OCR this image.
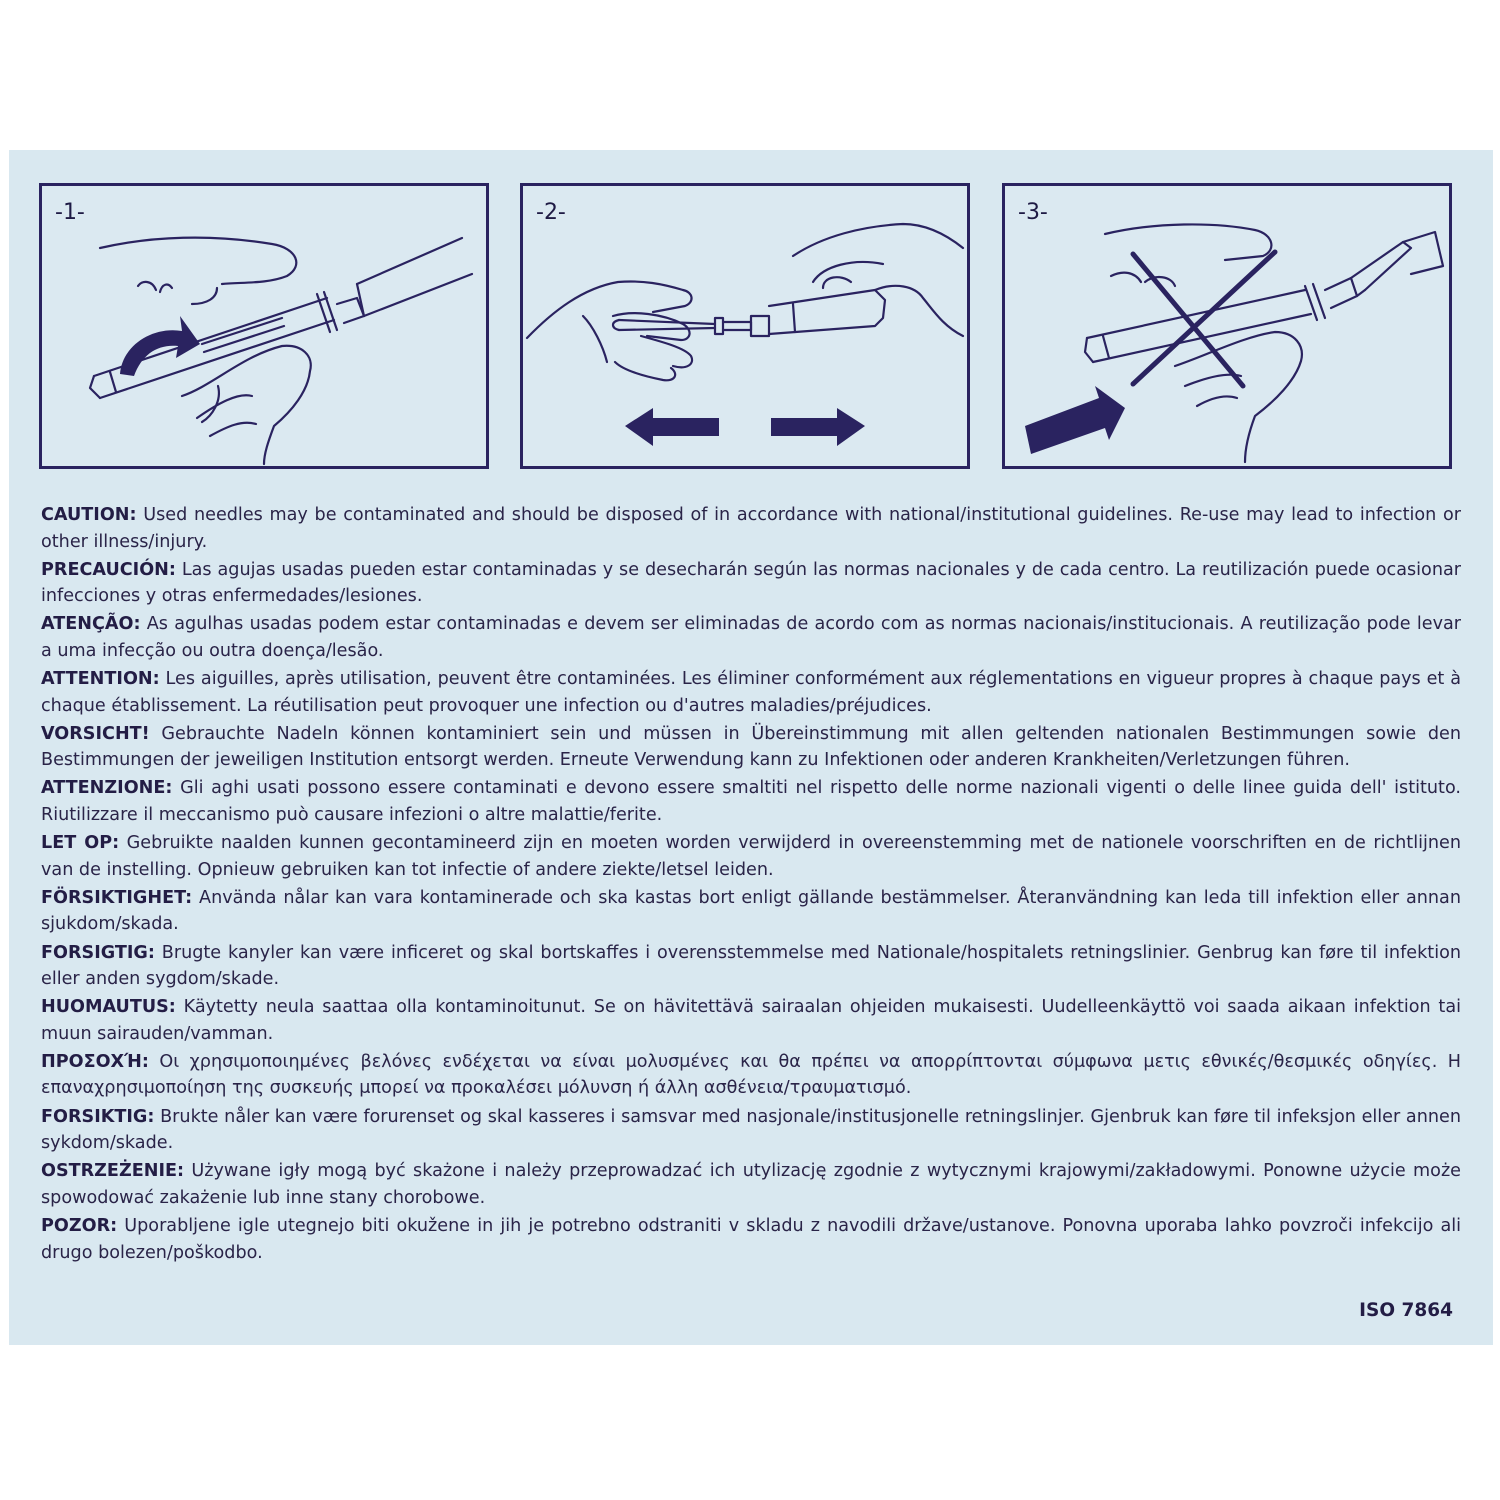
-1-	-2-	-3-

CAUTION: Used needles may be contaminated and should be disposed of in accordance with national/institutional guidelines. Re-use may lead to infection or other illness/injury.

PRECAUCIÓN: Las agujas usadas pueden estar contaminadas y se desecharán según las normas nacionales y de cada centro. La reutilización puede ocasionar infecciones y otras enfermedades/lesiones.

ATENÇÃO: As agulhas usadas podem estar contaminadas e devem ser eliminadas de acordo com as normas nacionais/institucionais. A reutilização pode levar a uma infecção ou outra doença/lesão.

ATTENTION: Les aiguilles, après utilisation, peuvent être contaminées. Les éliminer conformément aux réglementations en vigueur propres à chaque pays et à chaque établissement. La réutilisation peut provoquer une infection ou d'autres maladies/préjudices.

VORSICHT! Gebrauchte Nadeln können kontaminiert sein und müssen in Übereinstimmung mit allen geltenden nationalen Bestimmungen sowie den Bestimmungen der jeweiligen Institution entsorgt werden. Erneute Verwendung kann zu Infektionen oder anderen Krankheiten/Verletzungen führen.

ATTENZIONE: Gli aghi usati possono essere contaminati e devono essere smaltiti nel rispetto delle norme nazionali vigenti o delle linee guida dell' istituto. Riutilizzare il meccanismo può causare infezioni o altre malattie/ferite.

LET OP: Gebruikte naalden kunnen gecontamineerd zijn en moeten worden verwijderd in overeenstemming met de nationele voorschriften en de richtlijnen van de instelling. Opnieuw gebruiken kan tot infectie of andere ziekte/letsel leiden.

FÖRSIKTIGHET: Använda nålar kan vara kontaminerade och ska kastas bort enligt gällande bestämmelser. Återanvändning kan leda till infektion eller annan sjukdom/skada.

FORSIGTIG: Brugte kanyler kan være inficeret og skal bortskaffes i overensstemmelse med Nationale/hospitalets retningslinier. Genbrug kan føre til infektion eller anden sygdom/skade.

HUOMAUTUS: Käytetty neula saattaa olla kontaminoitunut. Se on hävitettävä sairaalan ohjeiden mukaisesti. Uudelleenkäyttö voi saada aikaan infektion tai muun sairauden/vamman.

ΠΡΟΣΟΧΉ: Οι χρησιμοποιημένες βελόνες ενδέχεται να είναι μολυσμένες και θα πρέπει να απορρίπτονται σύμφωνα μετις εθνικές/θεσμικές οδηγίες. Η επαναχρησιμοποίηση της συσκευής μπορεί να προκαλέσει μόλυνση ή άλλη ασθένεια/τραυματισμό.

FORSIKTIG: Brukte nåler kan være forurenset og skal kasseres i samsvar med nasjonale/institusjonelle retningslinjer. Gjenbruk kan føre til infeksjon eller annen sykdom/skade.

OSTRZEŻENIE: Używane igły mogą być skażone i należy przeprowadzać ich utylizację zgodnie z wytycznymi krajowymi/zakładowymi. Ponowne użycie może spowodować zakażenie lub inne stany chorobowe.

POZOR: Uporabljene igle utegnejo biti okužene in jih je potrebno odstraniti v skladu z navodili države/ustanove. Ponovna uporaba lahko povzroči infekcijo ali drugo bolezen/poškodbo.

ISO 7864
